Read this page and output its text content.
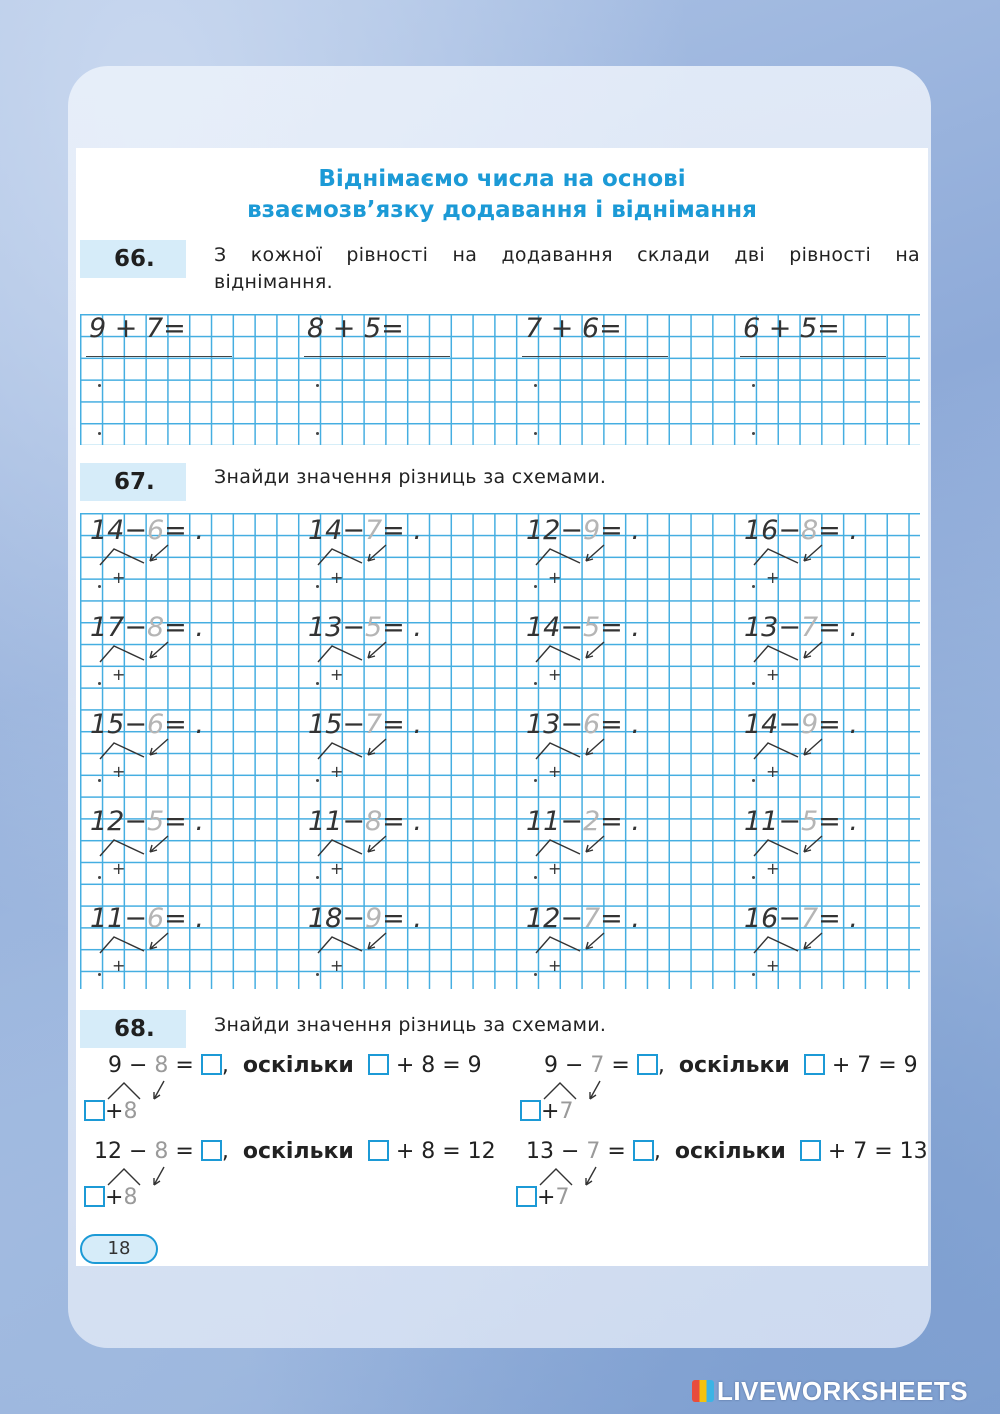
Віднімаємо числа на основі
взаємозв’язку додавання і віднімання
66.	З кожної рівності на додавання склади дві рівності на
віднімання.
9 + 7=	8 + 5=	7 + 6=	6 + 5=
67.	Знайди значення різниць за схемами.
14−6= .
+
14−7= .
+
12−9= .
+
16−8= .
+
17−8= .
+
13−5= .
+
14−5= .
+
13−7= .
+
15−6= .
+
15−7= .
+
13−6= .
+
14−9= .
+
12−5= .
+
11−8= .
+
11−2= .
+
11−5= .
+
11−6= .
+
18−9= .
+
12−7= .
+
16−7= .
+
68.	Знайди значення різниць за схемами.
9 − 8 = ,  оскільки   + 8 = 9
+8
9 − 7 = ,  оскільки   + 7 = 9
+7
12 − 8 = ,  оскільки   + 8 = 12
+8
13 − 7 = ,  оскільки   + 7 = 13
+7
18
LIVEWORKSHEETS
